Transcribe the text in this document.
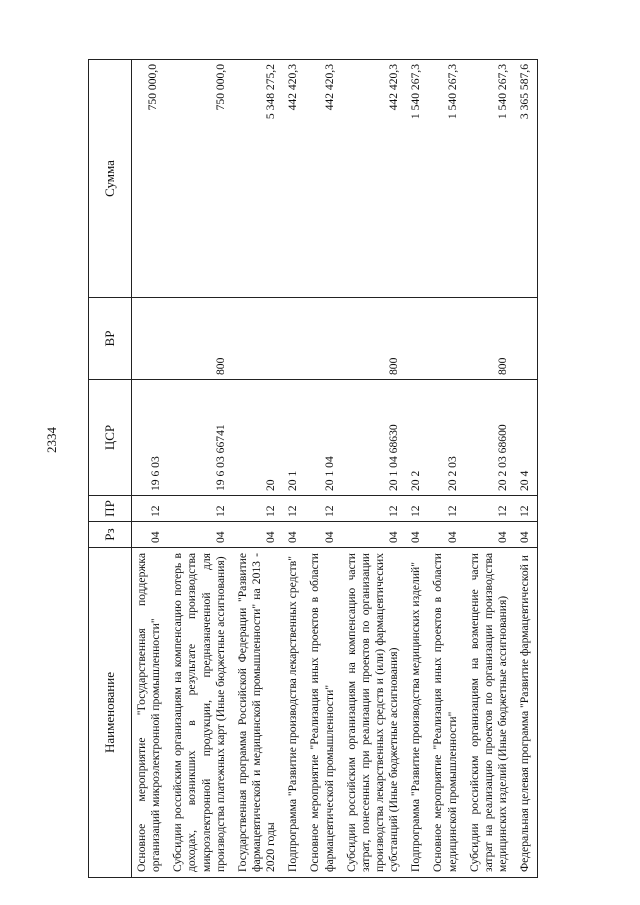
2334
Наименование	Рз	ПР	ЦСР	ВР	Сумма
Основное мероприятие "Государственная поддержка организаций микроэлектронной промышленности"	04	12	19 6 03		750 000,0
Субсидии российским организациям на компенсацию потерь в доходах, возникших в результате производства микроэлектронной продукции, предназначенной для производства платежных карт (Иные бюджетные ассигнования)	04	12	19 6 03 66741	800	750 000,0
Государственная программа Российской Федерации "Развитие фармацевтической и медицинской промышленности" на 2013 - 2020 годы	04	12	20		5 348 275,2
Подпрограмма "Развитие производства лекарственных средств"	04	12	20 1		442 420,3
Основное мероприятие "Реализация иных проектов в области фармацевтической промышленности"	04	12	20 1 04		442 420,3
Субсидии российским организациям на компенсацию части затрат, понесенных при реализации проектов по организации производства лекарственных средств и (или) фармацевтических субстанций (Иные бюджетные ассигнования)	04	12	20 1 04 68630	800	442 420,3
Подпрограмма "Развитие производства медицинских изделий"	04	12	20 2		1 540 267,3
Основное мероприятие "Реализация иных проектов в области медицинской промышленности"	04	12	20 2 03		1 540 267,3
Субсидии российским организациям на возмещение части затрат на реализацию проектов по организации производства медицинских изделий (Иные бюджетные ассигнования)	04	12	20 2 03 68600	800	1 540 267,3
Федеральная целевая программа "Развитие фармацевтической и	04	12	20 4		3 365 587,6
